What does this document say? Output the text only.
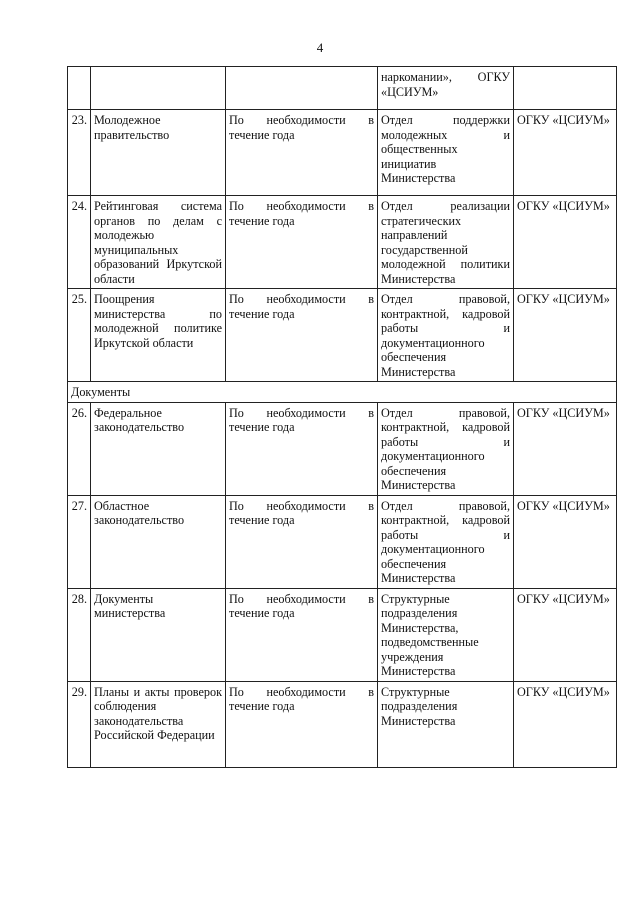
4
			наркомании», ОГКУ «ЦСИУМ»	
23.	Молодежное правительство	По необходимости в течение года	Отдел поддержки молодежных и общественных инициатив Министерства	ОГКУ «ЦСИУМ»
24.	Рейтинговая система органов по делам с молодежью муниципальных образований Иркутской области	По необходимости в течение года	Отдел реализации стратегических направлений государственной молодежной политики Министерства	ОГКУ «ЦСИУМ»
25.	Поощрения министерства по молодежной политике Иркутской области	По необходимости в течение года	Отдел правовой, контрактной, кадровой работы и документационного обеспечения Министерства	ОГКУ «ЦСИУМ»
Документы				
26.	Федеральное законодательство	По необходимости в течение года	Отдел правовой, контрактной, кадровой работы и документационного обеспечения Министерства	ОГКУ «ЦСИУМ»
27.	Областное законодательство	По необходимости в течение года	Отдел правовой, контрактной, кадровой работы и документационного обеспечения Министерства	ОГКУ «ЦСИУМ»
28.	Документы министерства	По необходимости в течение года	Структурные подразделения Министерства, подведомственные учреждения Министерства	ОГКУ «ЦСИУМ»
29.	Планы и акты проверок соблюдения законодательства Российской Федерации	По необходимости в течение года	Структурные подразделения Министерства	ОГКУ «ЦСИУМ»
